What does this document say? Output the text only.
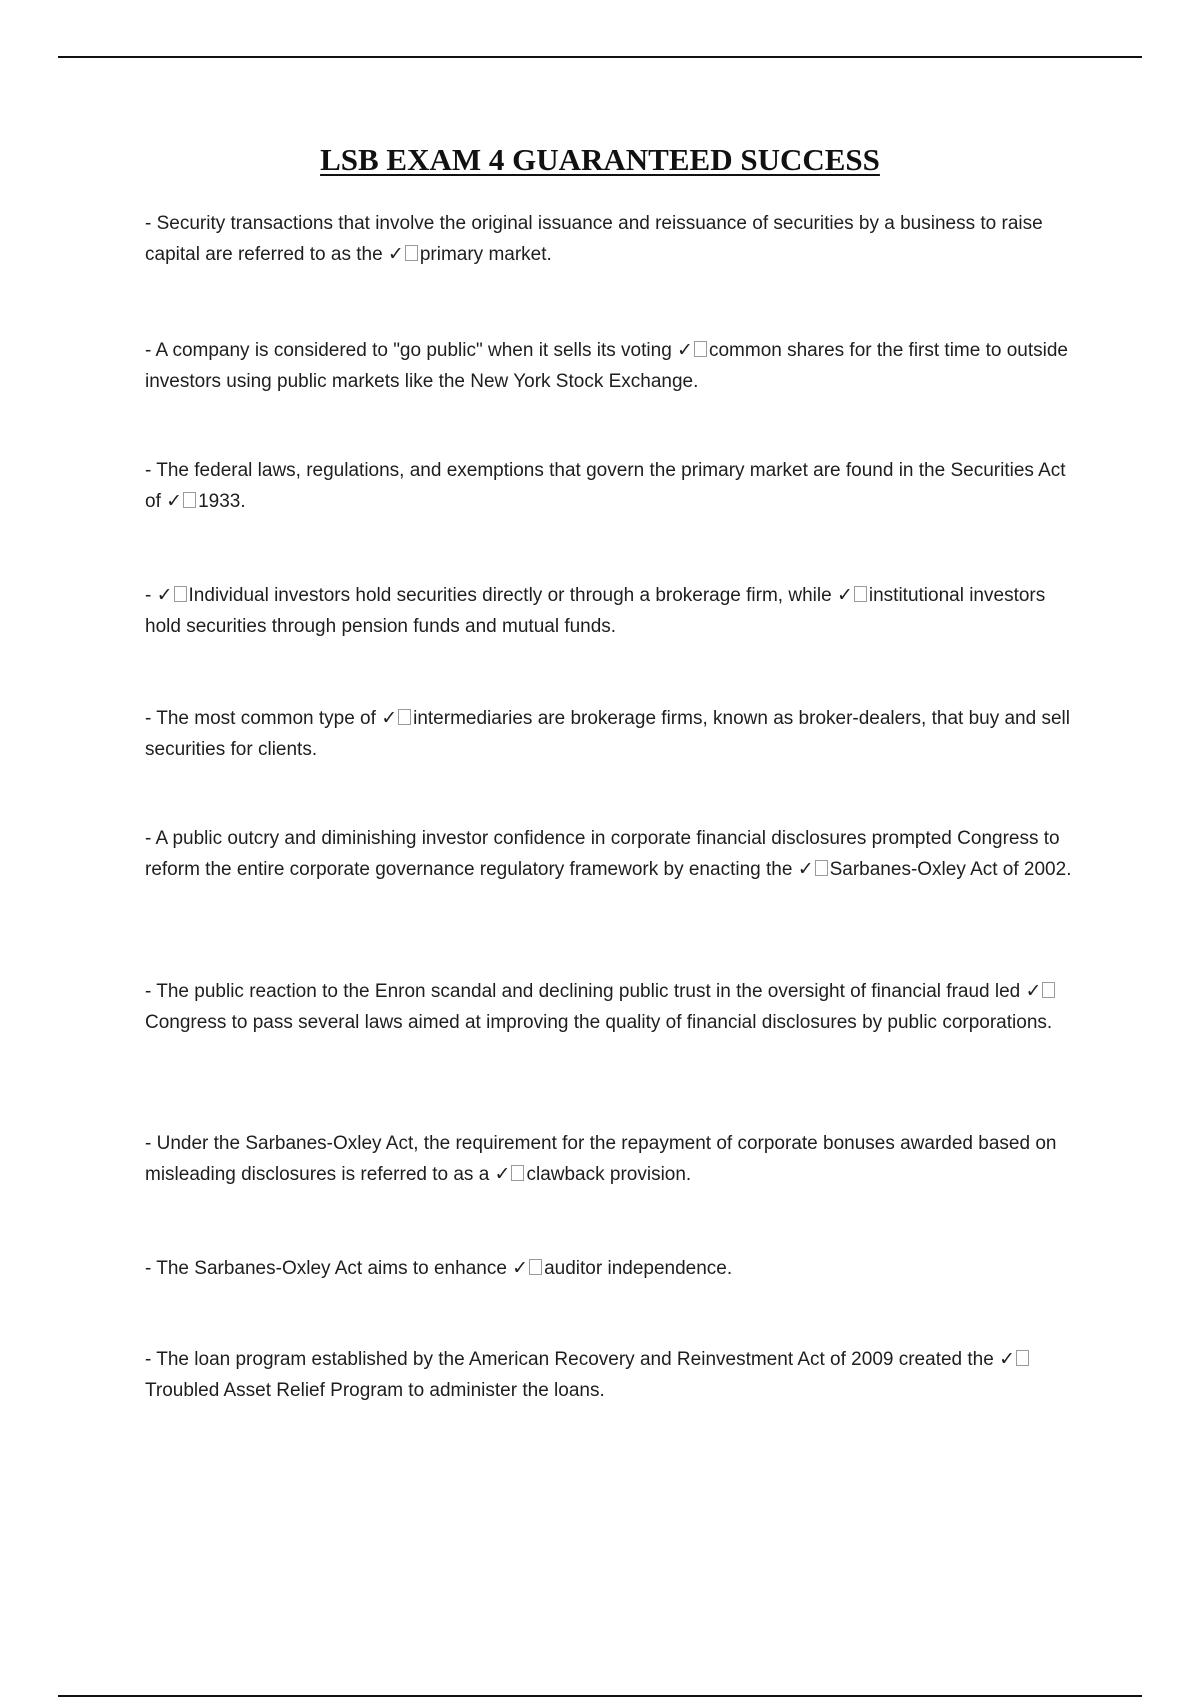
LSB EXAM 4 GUARANTEED SUCCESS

- Security transactions that involve the original issuance and reissuance of securities by a business to raise capital are referred to as the ✓ primary market.

- A company is considered to "go public" when it sells its voting ✓ common shares for the first time to outside investors using public markets like the New York Stock Exchange.

- The federal laws, regulations, and exemptions that govern the primary market are found in the Securities Act of ✓ 1933.

- ✓ Individual investors hold securities directly or through a brokerage firm, while ✓ institutional investors hold securities through pension funds and mutual funds.

- The most common type of ✓ intermediaries are brokerage firms, known as broker-dealers, that buy and sell securities for clients.

- A public outcry and diminishing investor confidence in corporate financial disclosures prompted Congress to reform the entire corporate governance regulatory framework by enacting the ✓ Sarbanes-Oxley Act of 2002.

- The public reaction to the Enron scandal and declining public trust in the oversight of financial fraud led ✓Congress to pass several laws aimed at improving the quality of financial disclosures by public corporations.

- Under the Sarbanes-Oxley Act, the requirement for the repayment of corporate bonuses awarded based on misleading disclosures is referred to as a ✓ clawback provision.

- The Sarbanes-Oxley Act aims to enhance ✓ auditor independence.

- The loan program established by the American Recovery and Reinvestment Act of 2009 created the ✓Troubled Asset Relief Program to administer the loans.
